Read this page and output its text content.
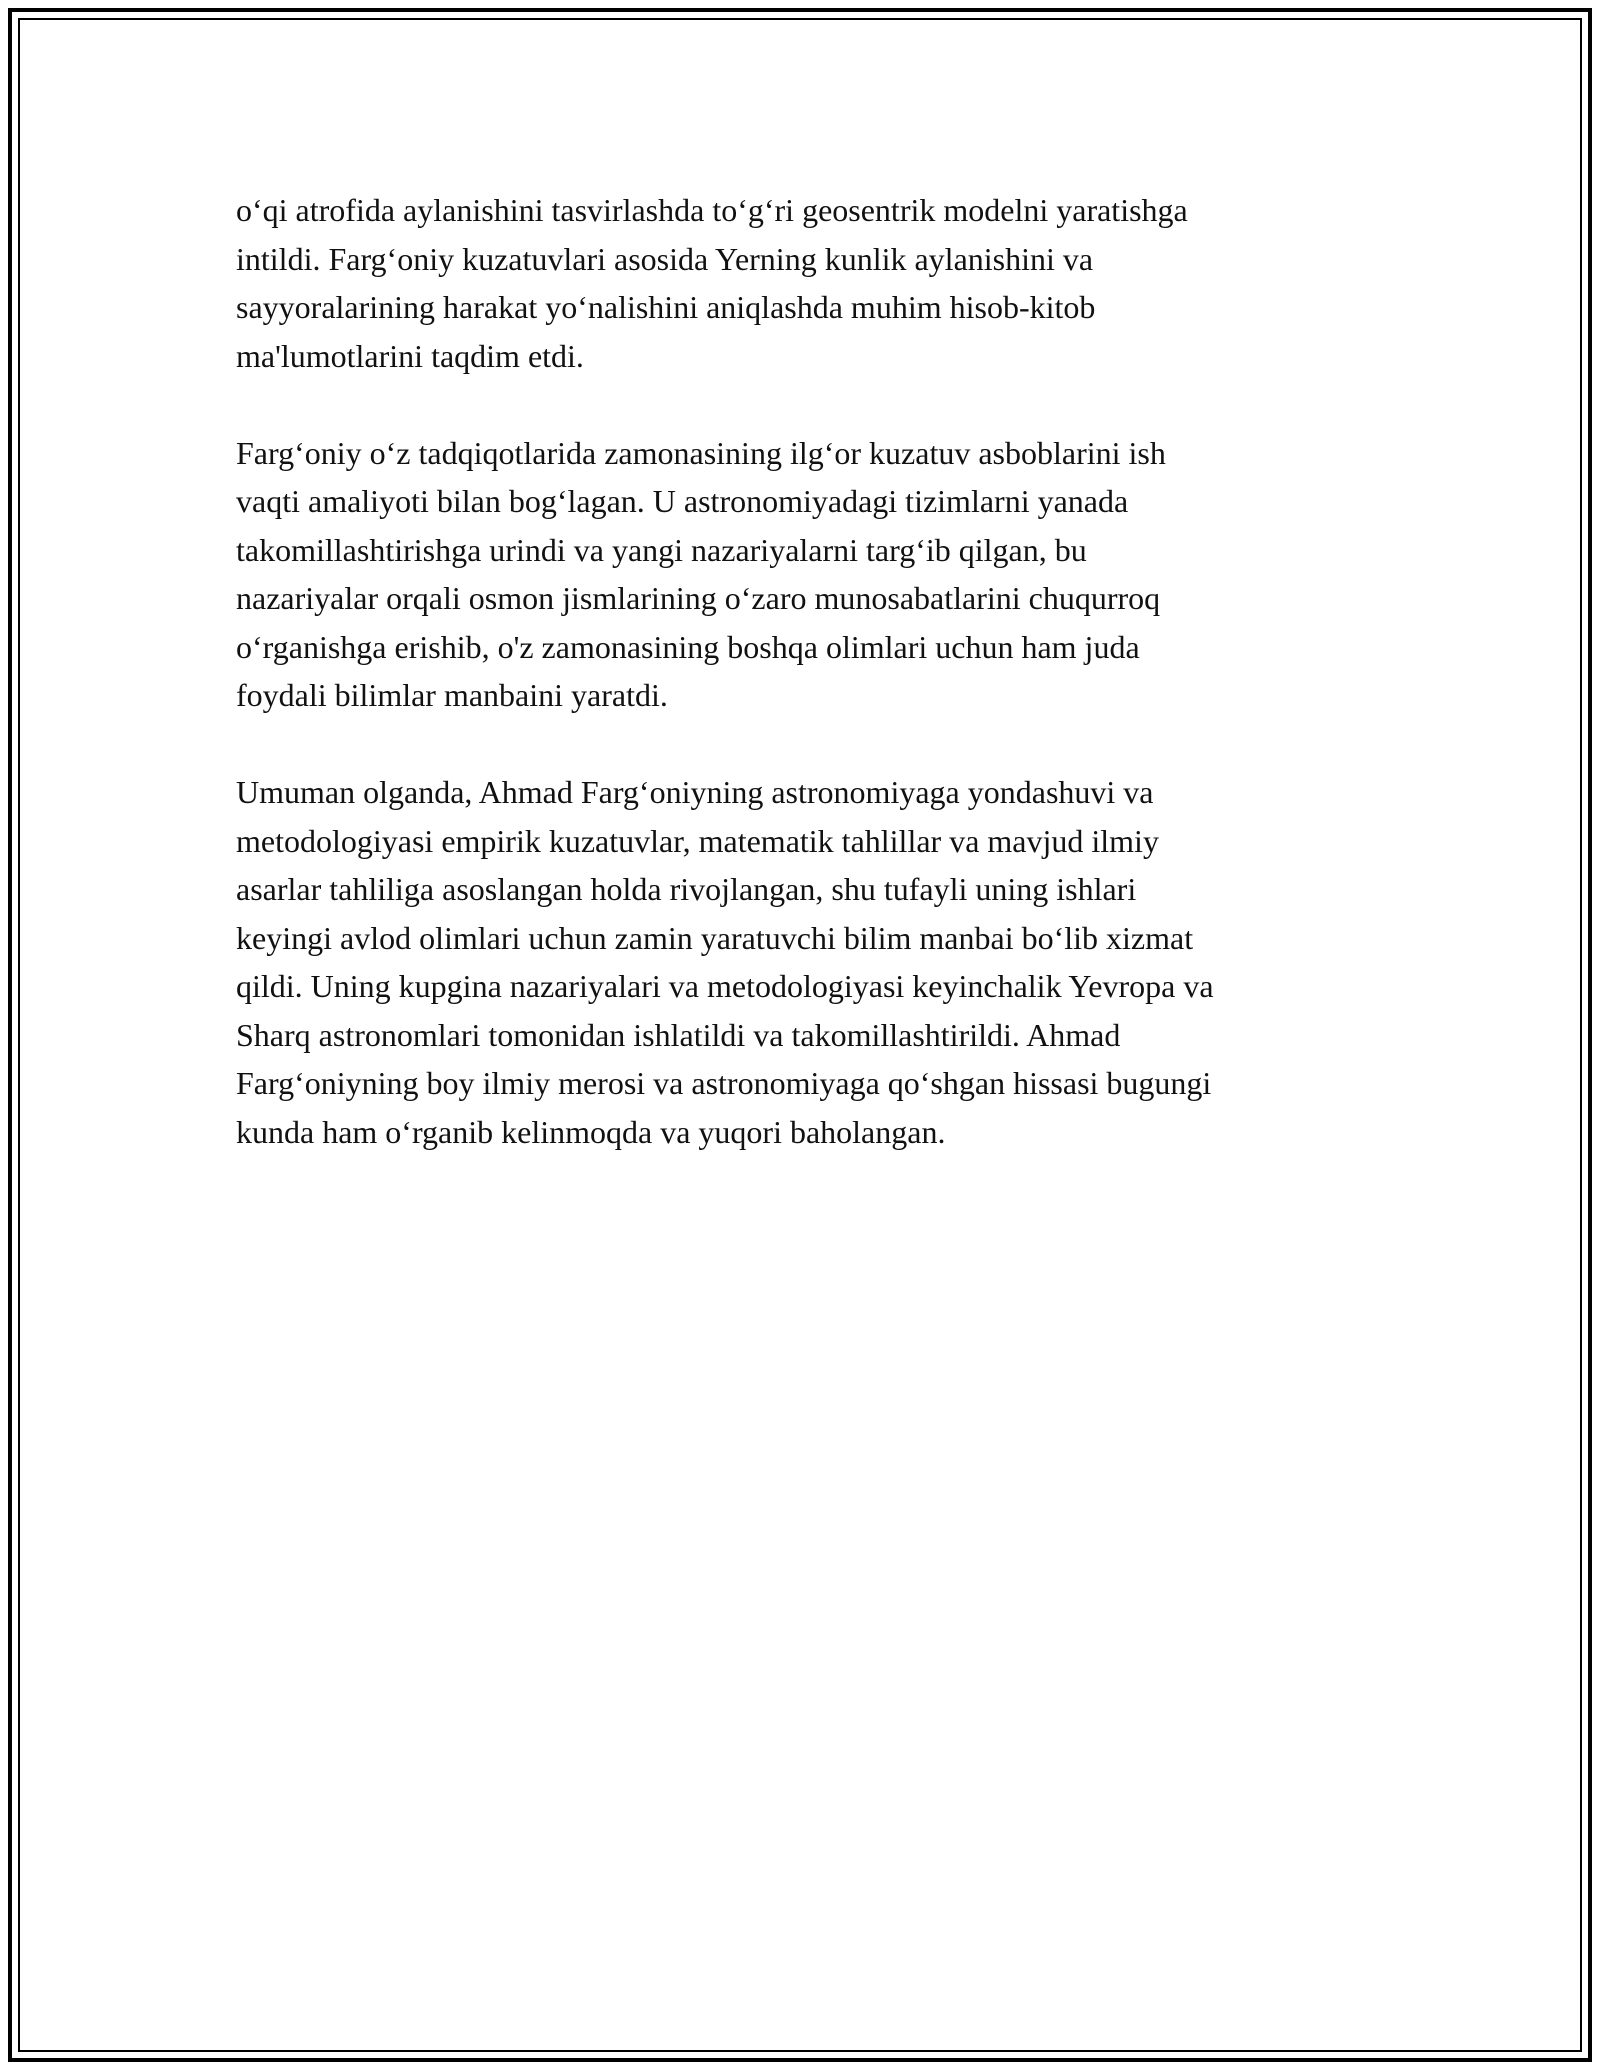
o‘qi atrofida aylanishini tasvirlashda to‘g‘ri geosentrik modelni yaratishga
intildi. Farg‘oniy kuzatuvlari asosida Yerning kunlik aylanishini va
sayyoralarining harakat yo‘nalishini aniqlashda muhim hisob-kitob
ma'lumotlarini taqdim etdi.

Farg‘oniy o‘z tadqiqotlarida zamonasining ilg‘or kuzatuv asboblarini ish
vaqti amaliyoti bilan bog‘lagan. U astronomiyadagi tizimlarni yanada
takomillashtirishga urindi va yangi nazariyalarni targ‘ib qilgan, bu
nazariyalar orqali osmon jismlarining o‘zaro munosabatlarini chuqurroq
o‘rganishga erishib, o'z zamonasining boshqa olimlari uchun ham juda
foydali bilimlar manbaini yaratdi.

Umuman olganda, Ahmad Farg‘oniyning astronomiyaga yondashuvi va
metodologiyasi empirik kuzatuvlar, matematik tahlillar va mavjud ilmiy
asarlar tahliliga asoslangan holda rivojlangan, shu tufayli uning ishlari
keyingi avlod olimlari uchun zamin yaratuvchi bilim manbai bo‘lib xizmat
qildi. Uning kupgina nazariyalari va metodologiyasi keyinchalik Yevropa va
Sharq astronomlari tomonidan ishlatildi va takomillashtirildi. Ahmad
Farg‘oniyning boy ilmiy merosi va astronomiyaga qo‘shgan hissasi bugungi
kunda ham o‘rganib kelinmoqda va yuqori baholangan.
